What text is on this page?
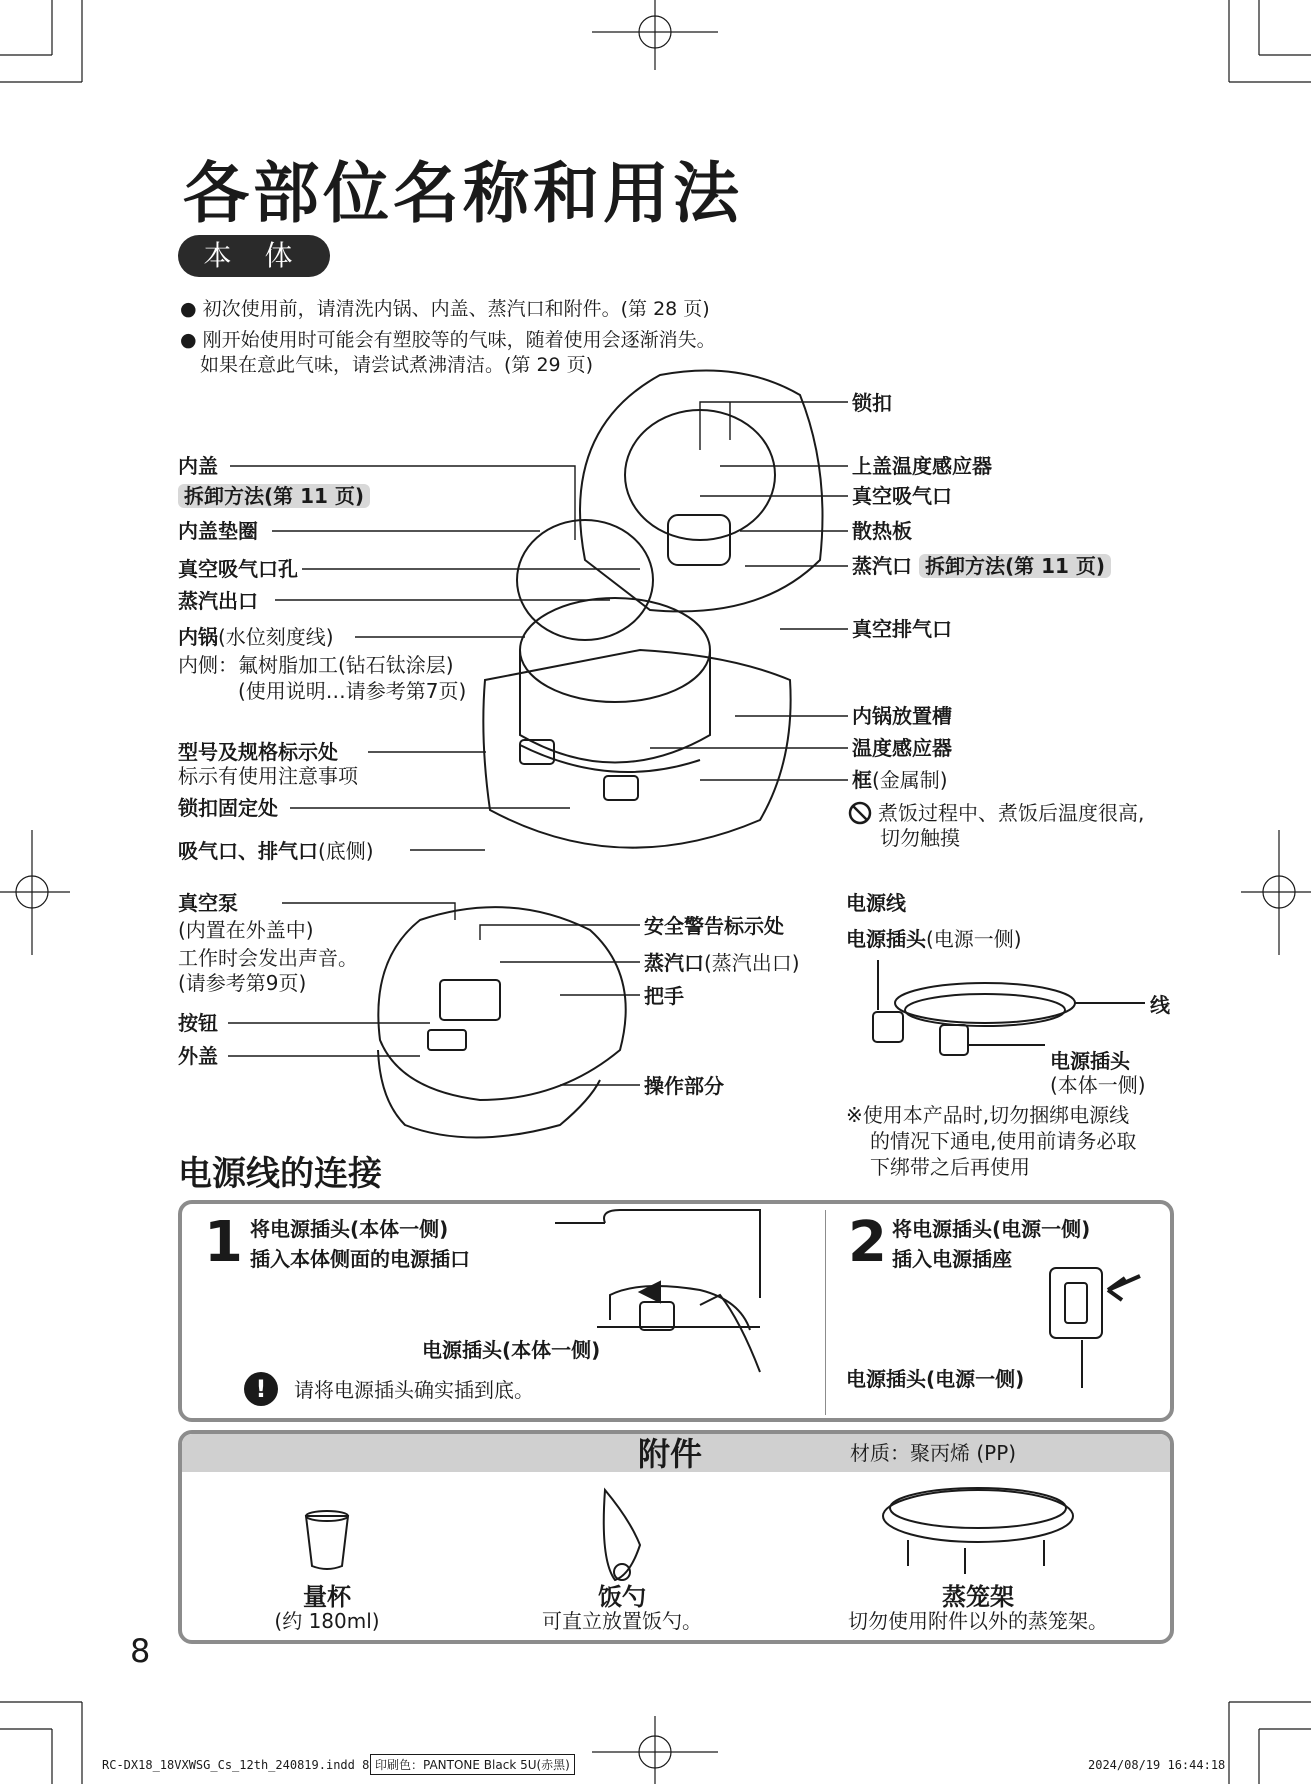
各部位名称和用法
本 体
● 初次使用前，请清洗内锅、内盖、蒸汽口和附件。(第 28 页)
● 刚开始使用时可能会有塑胶等的气味，随着使用会逐渐消失。
如果在意此气味，请尝试煮沸清洁。(第 29 页)
内盖
拆卸方法(第 11 页)
内盖垫圈
真空吸气口孔
蒸汽出口
内锅(水位刻度线)
内侧：氟树脂加工(钻石钛涂层)
(使用说明…请参考第7页)
型号及规格标示处
标示有使用注意事项
锁扣固定处
吸气口、排气口(底侧)
真空泵
(内置在外盖中)
工作时会发出声音。
(请参考第9页)
按钮
外盖
锁扣
上盖温度感应器
真空吸气口
散热板
蒸汽口 拆卸方法(第 11 页)
真空排气口
内锅放置槽
温度感应器
框(金属制)
煮饭过程中、煮饭后温度很高,
切勿触摸
安全警告标示处
蒸汽口(蒸汽出口)
把手
操作部分
电源线
电源插头(电源一侧)
线
电源插头
(本体一侧)
※使用本产品时,切勿捆绑电源线
的情况下通电,使用前请务必取
下绑带之后再使用
电源线的连接
1 将电源插头(本体一侧)
插入本体侧面的电源插口
电源插头(本体一侧)
!	请将电源插头确实插到底。
2 将电源插头(电源一侧)
插入电源插座
电源插头(电源一侧)
附件	材质：聚丙烯 (PP)
量杯
(约 180ml)
饭勺
可直立放置饭勺。
蒸笼架
切勿使用附件以外的蒸笼架。
8
RC-DX18_18VXWSG_Cs_12th_240819.indd 8 印刷色：PANTONE Black 5U(赤黑)	2024/08/19 16:44:18
